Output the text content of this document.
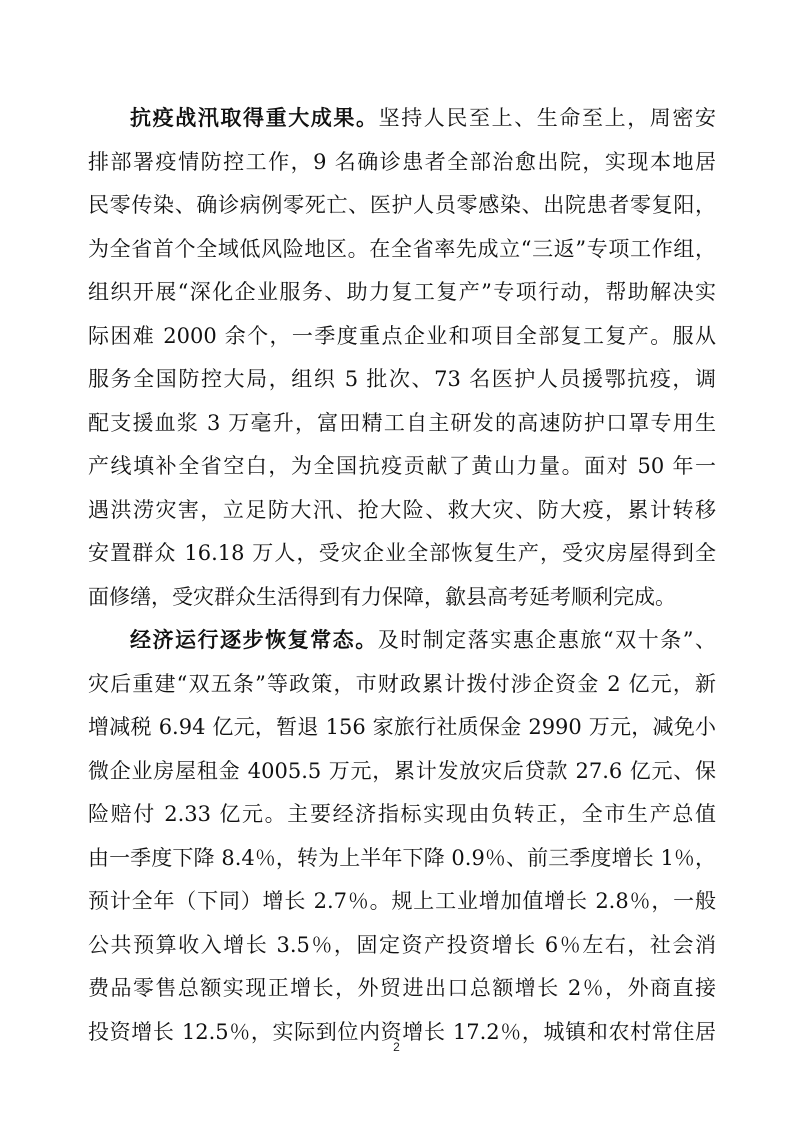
抗疫战汛取得重大成果。坚持人民至上、生命至上，周密安
排部署疫情防控工作，9 名确诊患者全部治愈出院，实现本地居
民零传染、确诊病例零死亡、医护人员零感染、出院患者零复阳，
为全省首个全域低风险地区。在全省率先成立“三返”专项工作组，
组织开展“深化企业服务、助力复工复产”专项行动，帮助解决实
际困难 2000 余个，一季度重点企业和项目全部复工复产。服从
服务全国防控大局，组织 5 批次、73 名医护人员援鄂抗疫，调
配支援血浆 3 万毫升，富田精工自主研发的高速防护口罩专用生
产线填补全省空白，为全国抗疫贡献了黄山力量。面对 50 年一
遇洪涝灾害，立足防大汛、抢大险、救大灾、防大疫，累计转移
安置群众 16.18 万人，受灾企业全部恢复生产，受灾房屋得到全
面修缮，受灾群众生活得到有力保障，歙县高考延考顺利完成。
经济运行逐步恢复常态。及时制定落实惠企惠旅“双十条”、
灾后重建“双五条”等政策，市财政累计拨付涉企资金 2 亿元，新
增减税 6.94 亿元，暂退 156 家旅行社质保金 2990 万元，减免小
微企业房屋租金 4005.5 万元，累计发放灾后贷款 27.6 亿元、保
险赔付 2.33 亿元。主要经济指标实现由负转正，全市生产总值
由一季度下降 8.4％，转为上半年下降 0.9％、前三季度增长 1％，
预计全年（下同）增长 2.7％。规上工业增加值增长 2.8％，一般
公共预算收入增长 3.5％，固定资产投资增长 6％左右，社会消
费品零售总额实现正增长，外贸进出口总额增长 2％，外商直接
投资增长 12.5％，实际到位内资增长 17.2％，城镇和农村常住居
2
